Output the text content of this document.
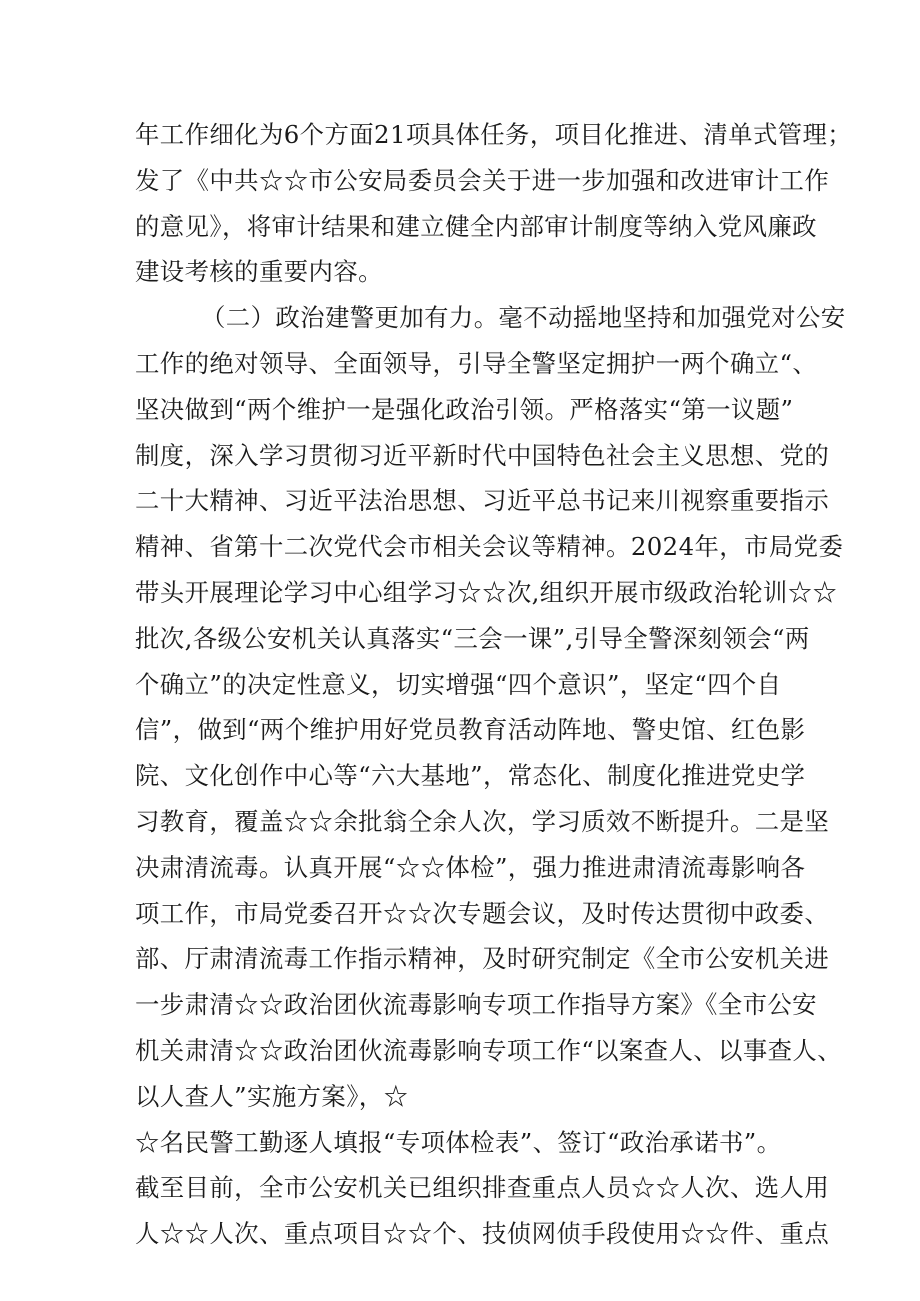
年工作细化为6个方面21项具体任务，项目化推进、清单式管理；
发了《中共☆☆市公安局委员会关于进一步加强和改进审计工作
的意见》，将审计结果和建立健全内部审计制度等纳入党风廉政
建设考核的重要内容。
（二）政治建警更加有力。毫不动摇地坚持和加强党对公安
工作的绝对领导、全面领导，引导全警坚定拥护一两个确立“、
坚决做到“两个维护一是强化政治引领。严格落实“第一议题”
制度，深入学习贯彻习近平新时代中国特色社会主义思想、党的
二十大精神、习近平法治思想、习近平总书记来川视察重要指示
精神、省第十二次党代会市相关会议等精神。2024年，市局党委
带头开展理论学习中心组学习☆☆次,组织开展市级政治轮训☆☆
批次,各级公安机关认真落实“三会一课”,引导全警深刻领会“两
个确立”的决定性意义，切实增强“四个意识”，坚定“四个自
信”，做到“两个维护用好党员教育活动阵地、警史馆、红色影
院、文化创作中心等“六大基地”，常态化、制度化推进党史学
习教育，覆盖☆☆余批翁仝余人次，学习质效不断提升。二是坚
决肃清流毒。认真开展“☆☆体检”，强力推进肃清流毒影响各
项工作，市局党委召开☆☆次专题会议，及时传达贯彻中政委、
部、厅肃清流毒工作指示精神，及时研究制定《全市公安机关进
一步肃清☆☆政治团伙流毒影响专项工作指导方案》《全市公安
机关肃清☆☆政治团伙流毒影响专项工作“以案查人、以事查人、
以人查人”实施方案》，☆
☆名民警工勤逐人填报“专项体检表”、签订“政治承诺书”。
截至目前，全市公安机关已组织排查重点人员☆☆人次、选人用
人☆☆人次、重点项目☆☆个、技侦网侦手段使用☆☆件、重点
